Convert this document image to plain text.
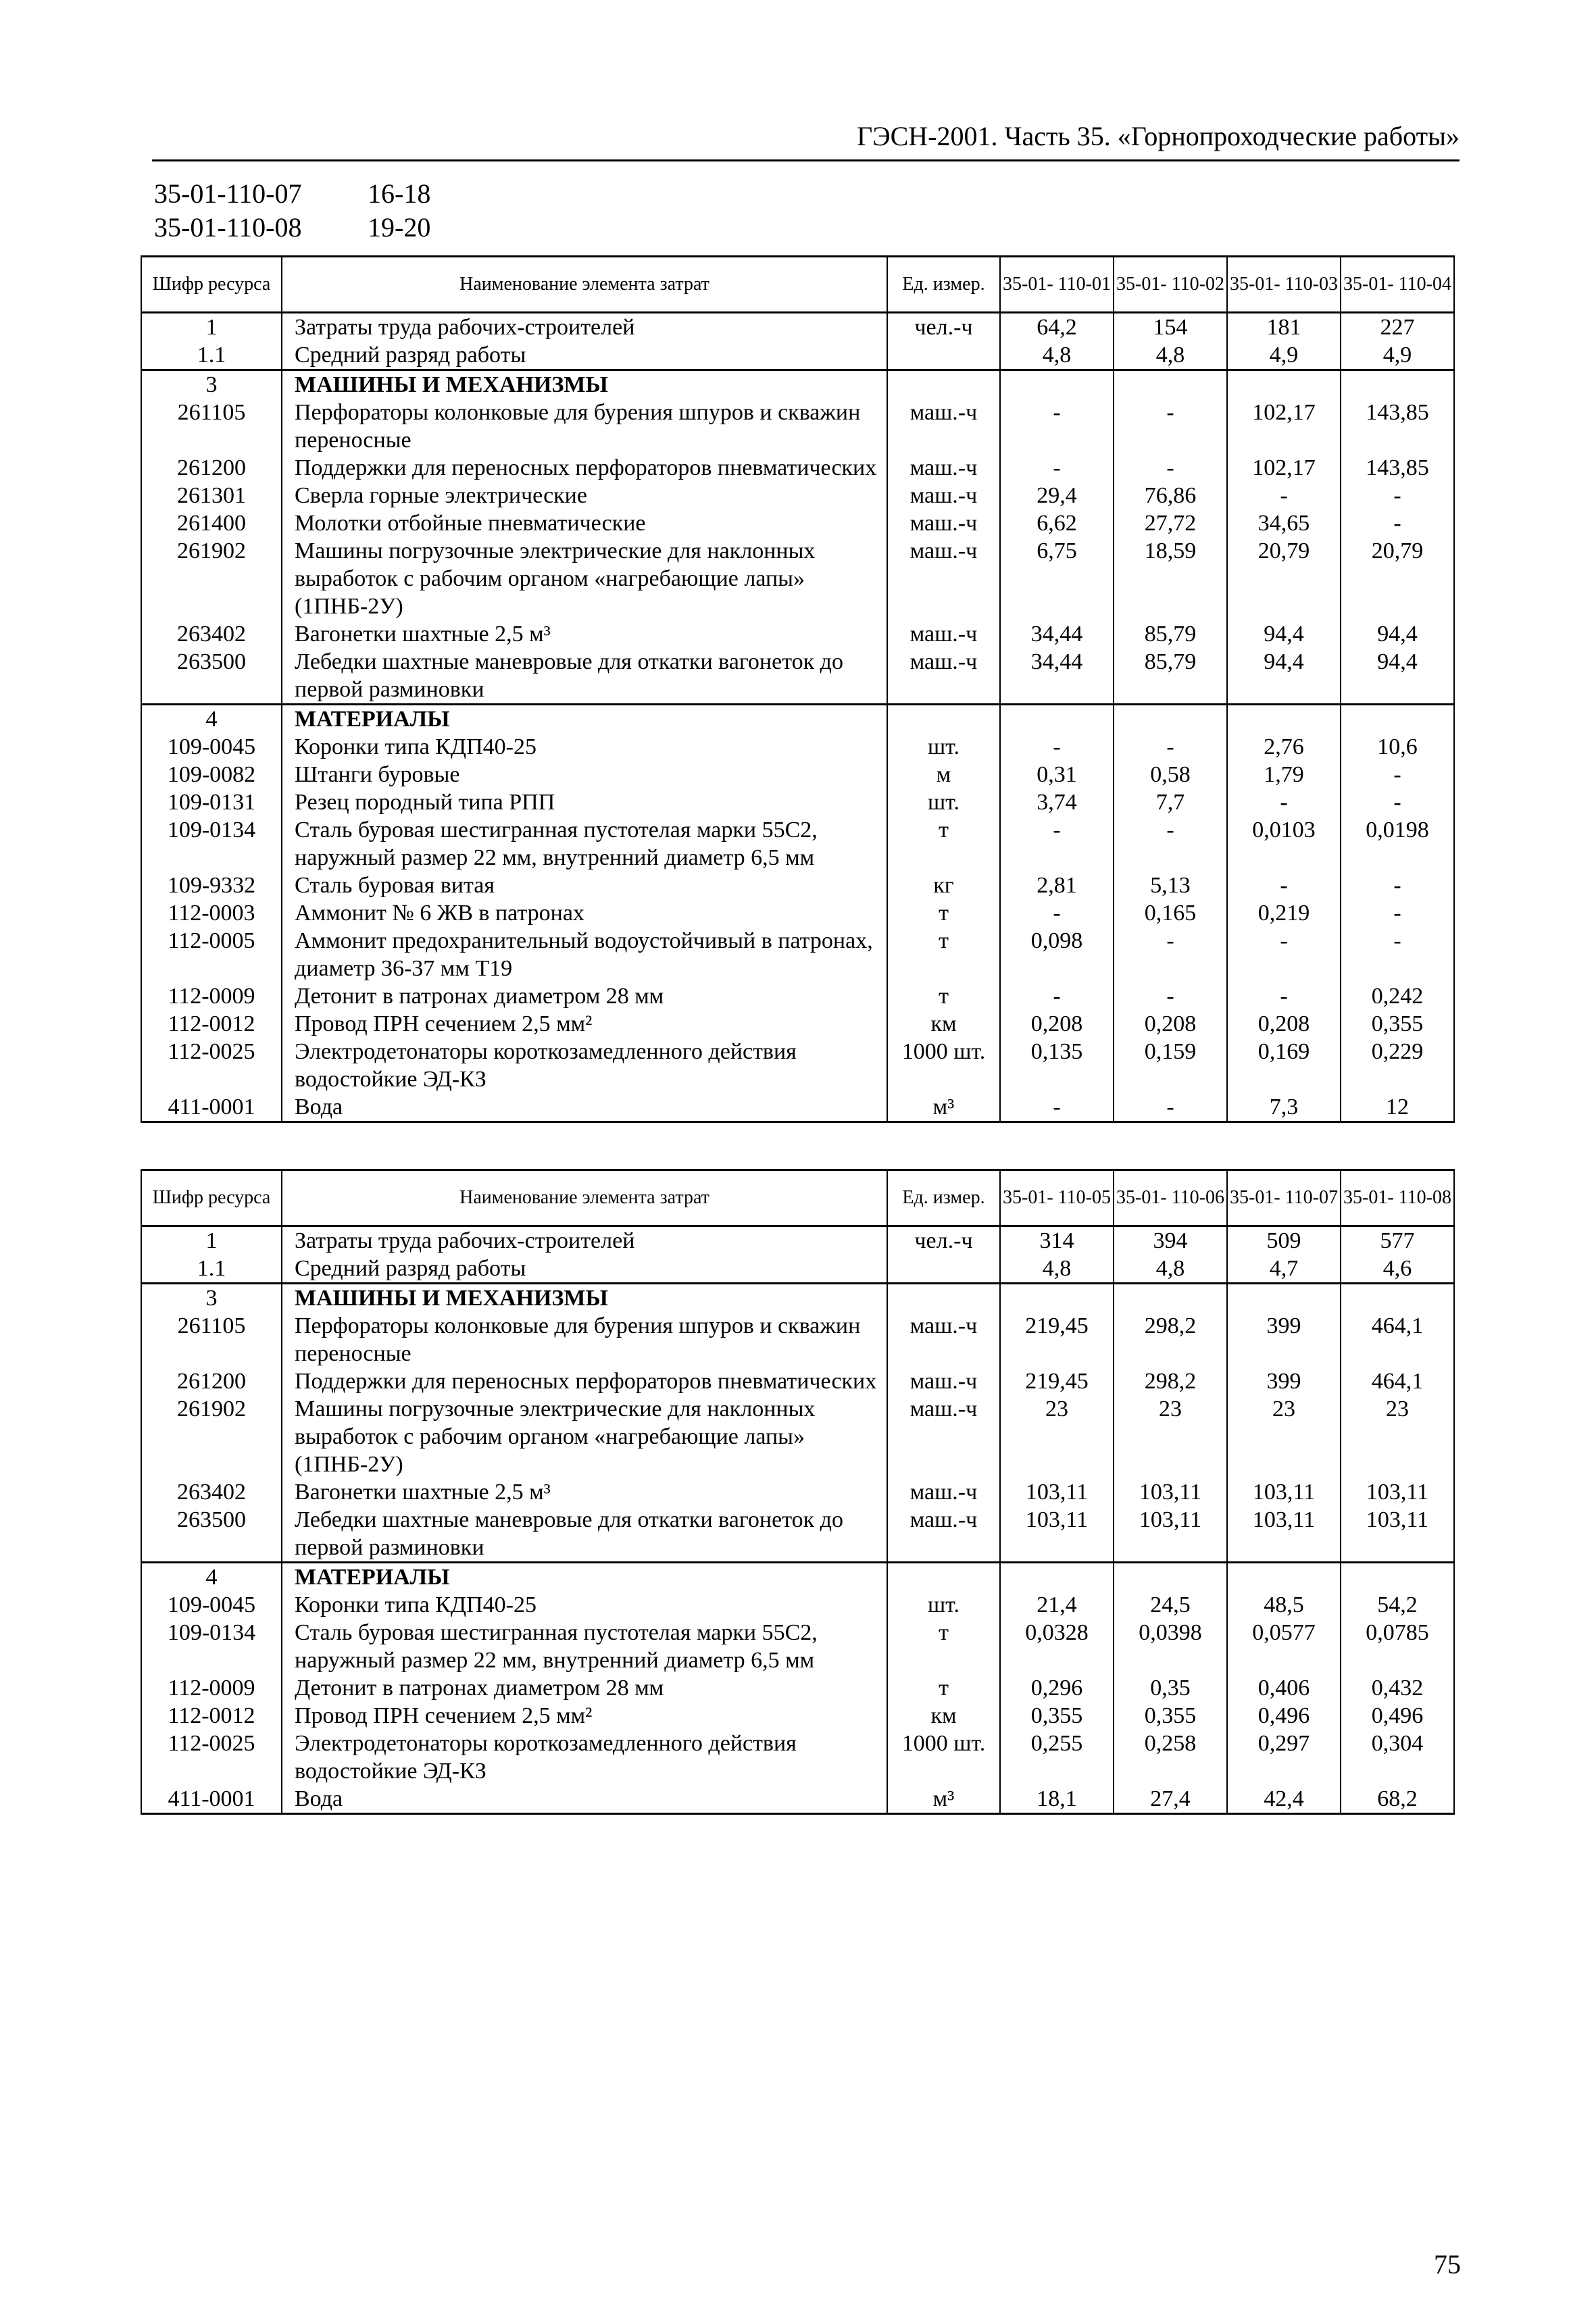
ГЭСН-2001. Часть 35. «Горнопроходческие работы»
35-01-110-07	16-18
35-01-110-08	19-20
Шифр ресурса	Наименование элемента затрат	Ед. измер.	35-01- 110-01	35-01- 110-02	35-01- 110-03	35-01- 110-04
1	Затраты труда рабочих-строителей	чел.-ч	64,2	154	181	227
1.1	Средний разряд работы		4,8	4,8	4,9	4,9
3	МАШИНЫ И МЕХАНИЗМЫ					
261105	Перфораторы колонковые для бурения шпуров и скважин переносные	маш.-ч	-	-	102,17	143,85
261200	Поддержки для переносных перфораторов пневматических	маш.-ч	-	-	102,17	143,85
261301	Сверла горные электрические	маш.-ч	29,4	76,86	-	-
261400	Молотки отбойные пневматические	маш.-ч	6,62	27,72	34,65	-
261902	Машины погрузочные электрические для наклонных выработок с рабочим органом «нагребающие лапы» (1ПНБ-2У)	маш.-ч	6,75	18,59	20,79	20,79
263402	Вагонетки шахтные 2,5 м³	маш.-ч	34,44	85,79	94,4	94,4
263500	Лебедки шахтные маневровые для откатки вагонеток до первой разминовки	маш.-ч	34,44	85,79	94,4	94,4
4	МАТЕРИАЛЫ					
109-0045	Коронки типа КДП40-25	шт.	-	-	2,76	10,6
109-0082	Штанги буровые	м	0,31	0,58	1,79	-
109-0131	Резец породный типа РПП	шт.	3,74	7,7	-	-
109-0134	Сталь буровая шестигранная пустотелая марки 55С2, наружный размер 22 мм, внутренний диаметр 6,5 мм	т	-	-	0,0103	0,0198
109-9332	Сталь буровая витая	кг	2,81	5,13	-	-
112-0003	Аммонит № 6 ЖВ в патронах	т	-	0,165	0,219	-
112-0005	Аммонит предохранительный водоустойчивый в патронах, диаметр 36-37 мм Т19	т	0,098	-	-	-
112-0009	Детонит в патронах диаметром 28 мм	т	-	-	-	0,242
112-0012	Провод ПРН сечением 2,5 мм²	км	0,208	0,208	0,208	0,355
112-0025	Электродетонаторы короткозамедленного действия водостойкие ЭД-КЗ	1000 шт.	0,135	0,159	0,169	0,229
411-0001	Вода	м³	-	-	7,3	12
Шифр ресурса	Наименование элемента затрат	Ед. измер.	35-01- 110-05	35-01- 110-06	35-01- 110-07	35-01- 110-08
1	Затраты труда рабочих-строителей	чел.-ч	314	394	509	577
1.1	Средний разряд работы		4,8	4,8	4,7	4,6
3	МАШИНЫ И МЕХАНИЗМЫ					
261105	Перфораторы колонковые для бурения шпуров и скважин переносные	маш.-ч	219,45	298,2	399	464,1
261200	Поддержки для переносных перфораторов пневматических	маш.-ч	219,45	298,2	399	464,1
261902	Машины погрузочные электрические для наклонных выработок с рабочим органом «нагребающие лапы» (1ПНБ-2У)	маш.-ч	23	23	23	23
263402	Вагонетки шахтные 2,5 м³	маш.-ч	103,11	103,11	103,11	103,11
263500	Лебедки шахтные маневровые для откатки вагонеток до первой разминовки	маш.-ч	103,11	103,11	103,11	103,11
4	МАТЕРИАЛЫ					
109-0045	Коронки типа КДП40-25	шт.	21,4	24,5	48,5	54,2
109-0134	Сталь буровая шестигранная пустотелая марки 55С2, наружный размер 22 мм, внутренний диаметр 6,5 мм	т	0,0328	0,0398	0,0577	0,0785
112-0009	Детонит в патронах диаметром 28 мм	т	0,296	0,35	0,406	0,432
112-0012	Провод ПРН сечением 2,5 мм²	км	0,355	0,355	0,496	0,496
112-0025	Электродетонаторы короткозамедленного действия водостойкие ЭД-КЗ	1000 шт.	0,255	0,258	0,297	0,304
411-0001	Вода	м³	18,1	27,4	42,4	68,2
75
